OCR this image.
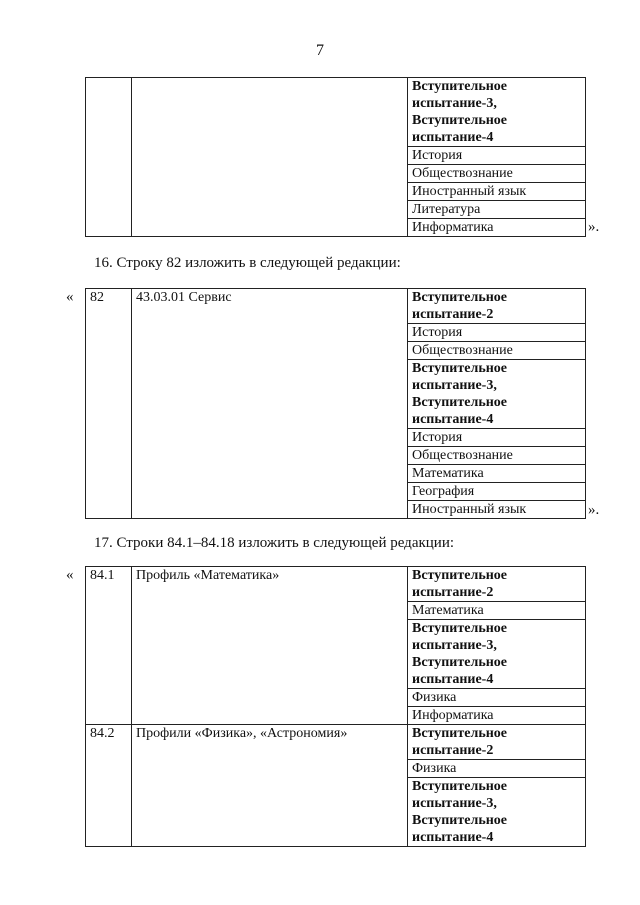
7
		Вступительное испытание-3, Вступительное испытание-4
История
Обществознание
Иностранный язык
Литература
Информатика	».
16. Строку 82 изложить в следующей редакции:
« 82	43.03.01 Сервис	Вступительное испытание-2
История
Обществознание
Вступительное испытание-3, Вступительное испытание-4
История
Обществознание
Математика
География
Иностранный язык	».
17. Строки 84.1–84.18 изложить в следующей редакции:
« 84.1	Профиль «Математика»	Вступительное испытание-2
		Математика
		Вступительное испытание-3, Вступительное испытание-4
		Физика
		Информатика
84.2	Профили «Физика», «Астрономия»	Вступительное испытание-2
		Физика
		Вступительное испытание-3, Вступительное испытание-4
